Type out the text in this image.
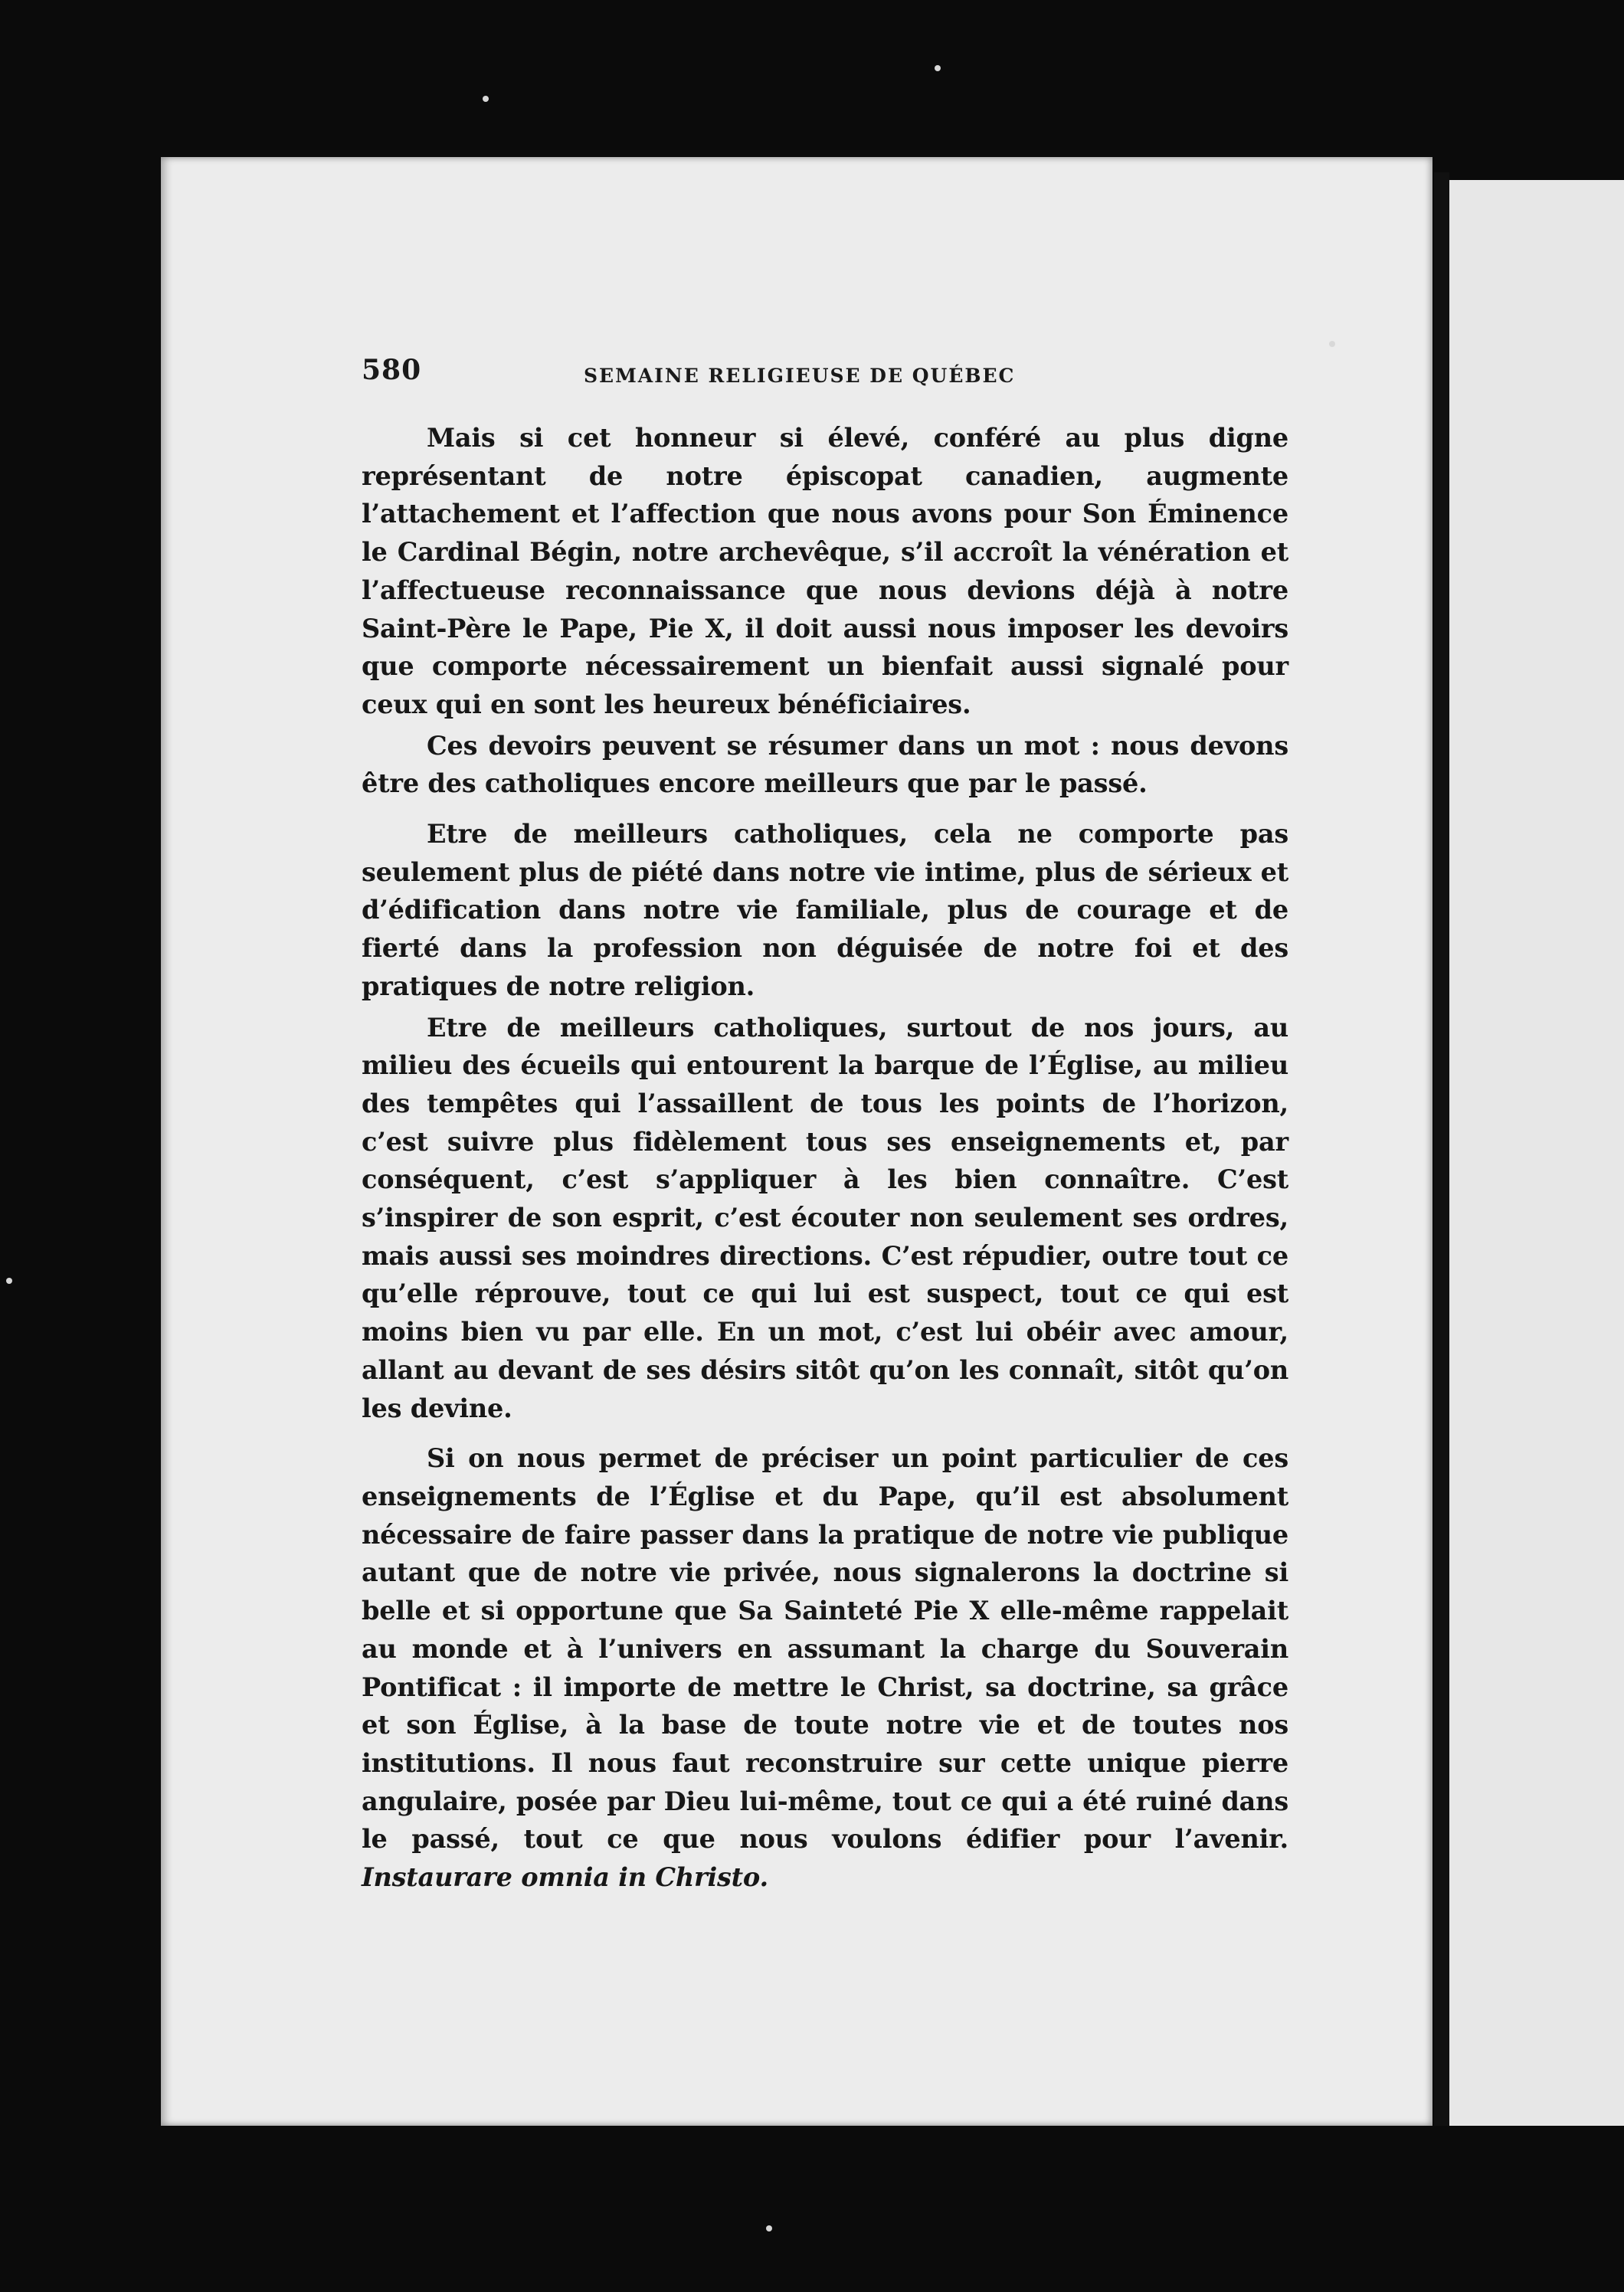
580	SEMAINE RELIGIEUSE DE QUÉBEC

Mais si cet honneur si élevé, conféré au plus digne représentant de notre épiscopat canadien, augmente l’attachement et l’affection que nous avons pour Son Éminence le Cardinal Bégin, notre archevêque, s’il accroît la vénération et l’affectueuse reconnaissance que nous devions déjà à notre Saint-Père le Pape, Pie X, il doit aussi nous imposer les devoirs que comporte nécessairement un bienfait aussi signalé pour ceux qui en sont les heureux bénéficiaires.

Ces devoirs peuvent se résumer dans un mot : nous devons être des catholiques encore meilleurs que par le passé.

Etre de meilleurs catholiques, cela ne comporte pas seulement plus de piété dans notre vie intime, plus de sérieux et d’édification dans notre vie familiale, plus de courage et de fierté dans la profession non déguisée de notre foi et des pratiques de notre religion.

Etre de meilleurs catholiques, surtout de nos jours, au milieu des écueils qui entourent la barque de l’Église, au milieu des tempêtes qui l’assaillent de tous les points de l’horizon, c’est suivre plus fidèlement tous ses enseignements et, par conséquent, c’est s’appliquer à les bien connaître. C’est s’inspirer de son esprit, c’est écouter non seulement ses ordres, mais aussi ses moindres directions. C’est répudier, outre tout ce qu’elle réprouve, tout ce qui lui est suspect, tout ce qui est moins bien vu par elle. En un mot, c’est lui obéir avec amour, allant au devant de ses désirs sitôt qu’on les connaît, sitôt qu’on les devine.

Si on nous permet de préciser un point particulier de ces enseignements de l’Église et du Pape, qu’il est absolument nécessaire de faire passer dans la pratique de notre vie publique autant que de notre vie privée, nous signalerons la doctrine si belle et si opportune que Sa Sainteté Pie X elle-même rappelait au monde et à l’univers en assumant la charge du Souverain Pontificat : il importe de mettre le Christ, sa doctrine, sa grâce et son Église, à la base de toute notre vie et de toutes nos institutions. Il nous faut reconstruire sur cette unique pierre angulaire, posée par Dieu lui-même, tout ce qui a été ruiné dans le passé, tout ce que nous voulons édifier pour l’avenir. Instaurare omnia in Christo.
